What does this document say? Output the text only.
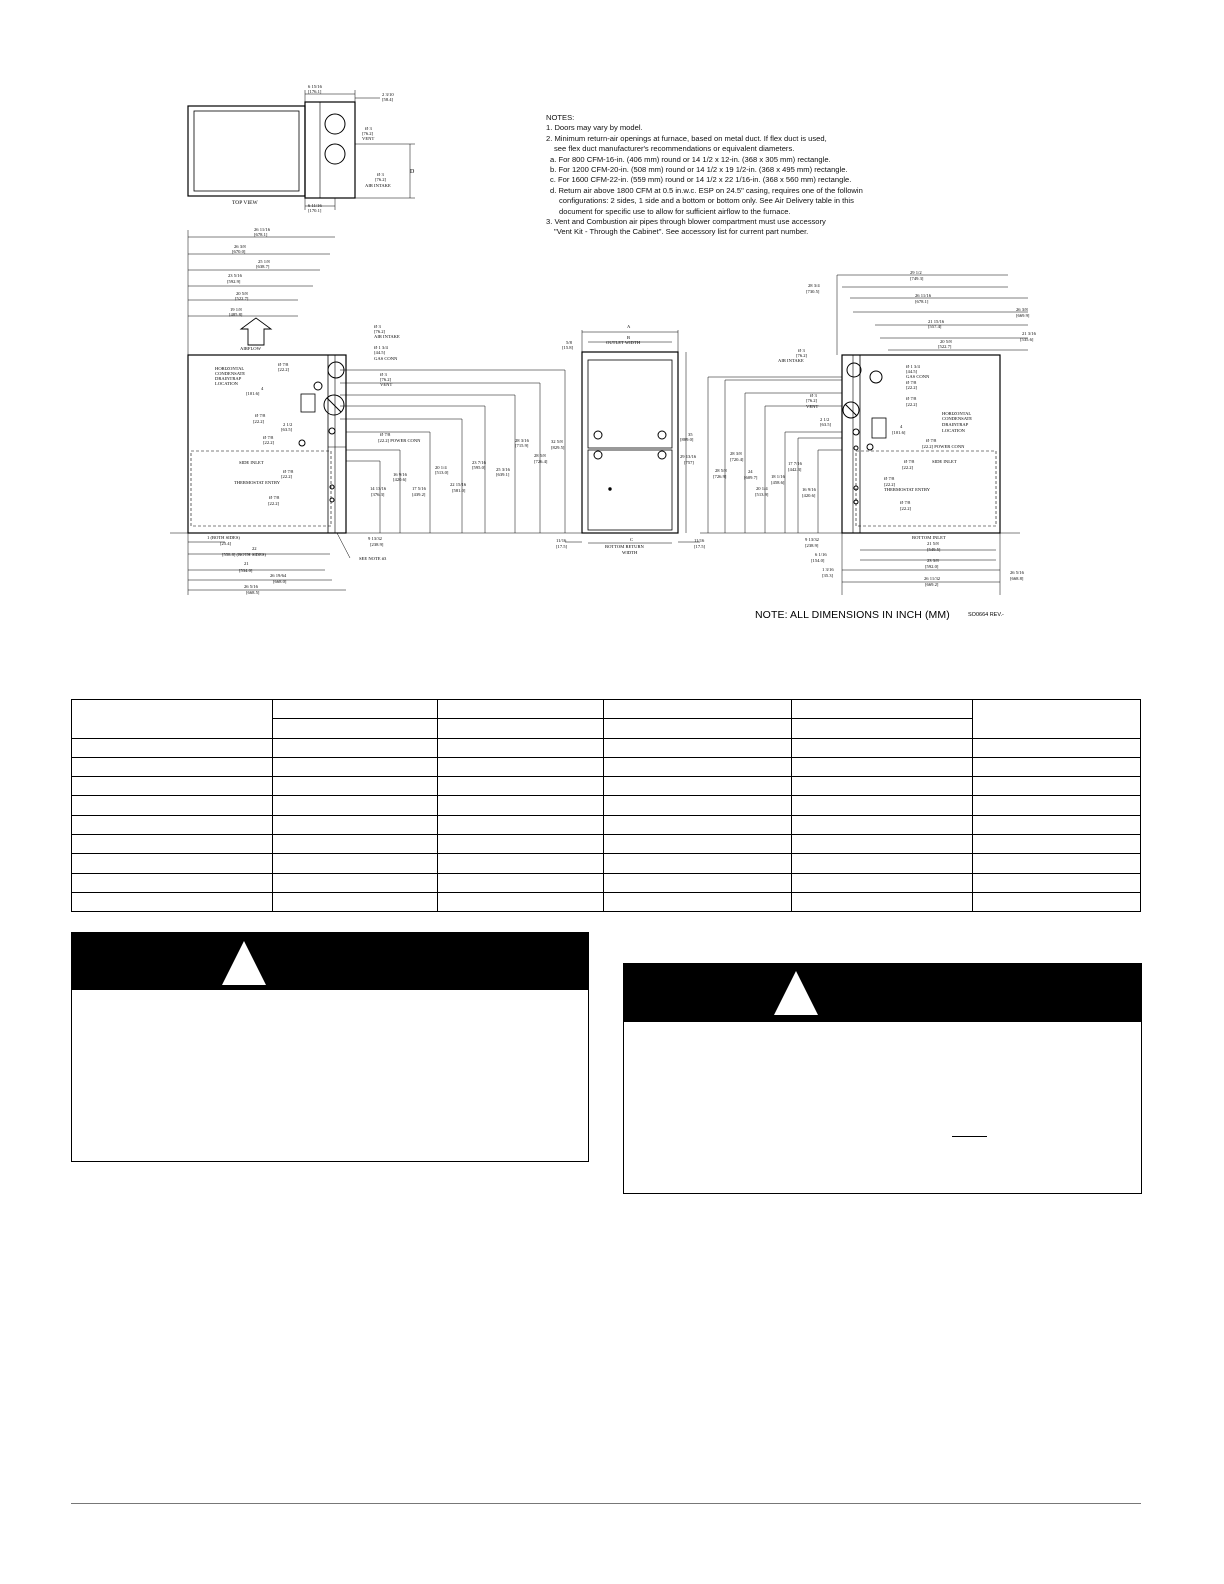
6 15/16
[176.1]
2 3/10
[58.4]
Ø 3
[76.2]
VENT
D
Ø 3
[76.2]
AIR INTAKE
TOP VIEW	6 11/16
[170.1]
26 11/16
[678.1]
26 3/8
[670.0]
25 1/8
[638.7]
23 5/16
[592.9]
20 5/8
[522.7]
19 1/8
[485.8]
AIRFLOW
HORIZONTAL
CONDENSATE
DRAINTRAP
LOCATION
Ø 7/8
[22.2]
4
[101.6]
Ø 7/8
[22.2]
2 1/2
[63.5]
Ø 7/8
[22.2]
SIDE INLET
Ø 7/8
[22.2]
THERMOSTAT ENTRY
Ø 7/8
[22.2]
Ø 3
[76.2]
AIR INTAKE
Ø 1 3/4
[44.5]
GAS CONN
Ø 3
[76.2]
VENT
Ø 7/8
[22.2] POWER CONN
14 13/16
[376.3]
16 9/16
[420.6]
17 5/16
[439.2]
20 1/4
[513.0]
22 15/16
[581.0]
23 7/16
[595.0] 25 3/16
[639.1]
28 3/16
[715.9]
28 5/8
[726.4]
32 5/8
[829.5]
1 (BOTH SIDES)
[25.4]
22
[558.8] (BOTH SIDES)
21
[534.0]
26 19/64
[668.0]
26 5/16
[668.5]
9 13/32
[238.9]
SEE NOTE #3
A
B
OUTLET WIDTH
5/8
[15.8]
35
[889.0]
11/16
[17.5]
11/16
[17.5]
C
BOTTOM RETURN
WIDTH
29 1/2
[749.3]
28 3/4
[730.5]
26 11/16
[678.1]
26 3/8
[669.9]
21 15/16
[557.4]
21 3/16
[535.6]
20 5/8
[522.7]
Ø 3
[76.2]
AIR INTAKE
Ø 1 3/4
[44.5]
GAS CONN
Ø 7/8
[22.2]
Ø 3
[76.2]
VENT
Ø 7/8
[22.2]
2 1/2
[63.5]
HORIZONTAL
CONDENSATE
DRAINTRAP
LOCATION
4
[101.6]
Ø 7/8
[22.2] POWER CONN
SIDE INLET
Ø 7/8
[22.2]
Ø 7/8
[22.2]
THERMOSTAT ENTRY
Ø 7/8
[22.2]
29 13/16
[757]
28 5/8
[726.9]
28 3/8
[720.4]
24
[609.7]
20 1/4
[513.9]
18 1/16
[458.6]
17 7/16
[442.3]
16 9/16
[420.6]
9 13/32
[238.9]
6 1/16
[154.0]
1 3/16
[35.3]
BOTTOM INLET
21 5/8
[549.5]
23 3/8
[592.0]
26 5/16
[668.8]
26 11/32
[669.2]
NOTES:
1. Doors may vary by model.
2. Minimum return-air openings at furnace, based on metal duct. If flex duct is used,
see flex duct manufacturer's recommendations or equivalent diameters.
a. For 800 CFM-16-in. (406 mm) round or 14 1/2 x 12-in. (368 x 305 mm) rectangle.
b. For 1200 CFM-20-in. (508 mm) round or 14 1/2 x 19 1/2-in. (368 x 495 mm) rectangle.
c. For 1600 CFM-22-in. (559 mm) round or 14 1/2 x 22 1/16-in. (368 x 560 mm) rectangle.
d. Return air above 1800 CFM at 0.5 in.w.c. ESP on 24.5" casing, requires one of the followin
configurations: 2 sides, 1 side and a bottom or bottom only. See Air Delivery table in this
document for specific use to allow for sufficient airflow to the furnace.
3. Vent and Combustion air pipes through blower compartment must use accessory
"Vent Kit - Through the Cabinet". See accessory list for current part number.
NOTE: ALL DIMENSIONS IN INCH (MM)	SO0664 REV.-
